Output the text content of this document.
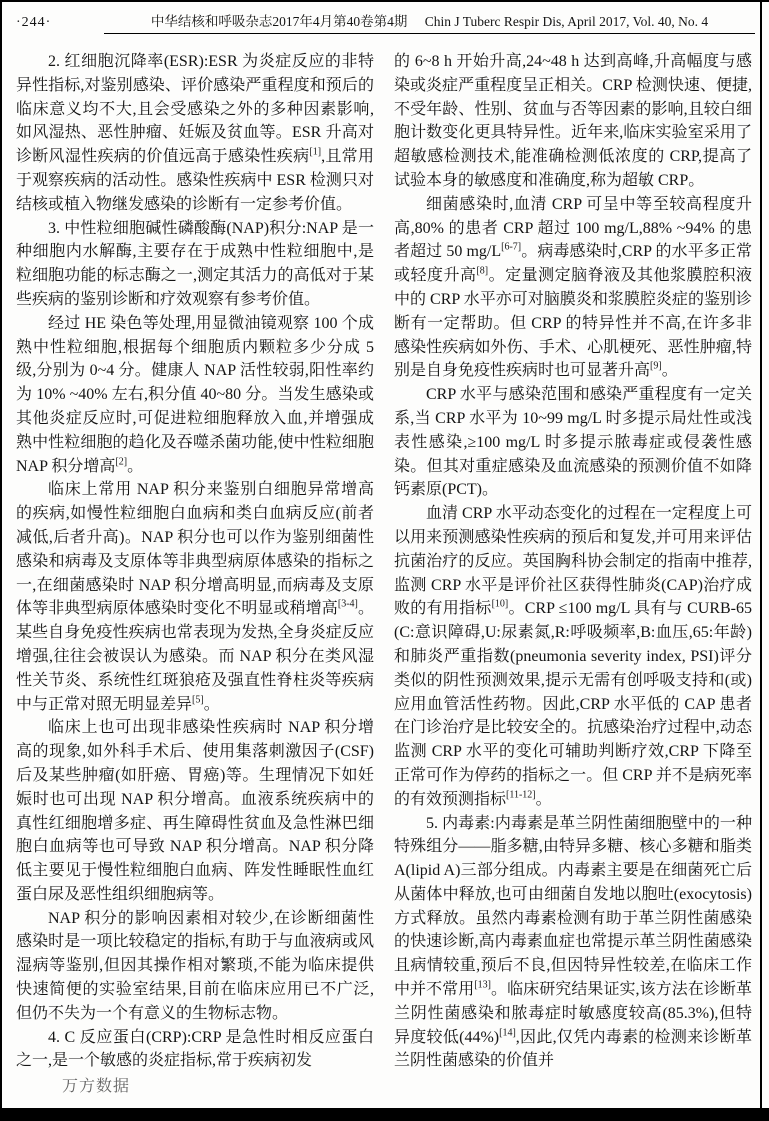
·244·	中华结核和呼吸杂志2017年4月第40卷第4期 Chin J Tuberc Respir Dis, April 2017, Vol. 40, No. 4

2. 红细胞沉降率(ESR):ESR 为炎症反应的非特异性指标,对鉴别感染、评价感染严重程度和预后的临床意义均不大,且会受感染之外的多种因素影响,如风湿热、恶性肿瘤、妊娠及贫血等。ESR 升高对诊断风湿性疾病的价值远高于感染性疾病[1],且常用于观察疾病的活动性。感染性疾病中 ESR 检测只对结核或植入物继发感染的诊断有一定参考价值。

3. 中性粒细胞碱性磷酸酶(NAP)积分:NAP 是一种细胞内水解酶,主要存在于成熟中性粒细胞中,是粒细胞功能的标志酶之一,测定其活力的高低对于某些疾病的鉴别诊断和疗效观察有参考价值。

经过 HE 染色等处理,用显微油镜观察 100 个成熟中性粒细胞,根据每个细胞质内颗粒多少分成 5 级,分别为 0~4 分。健康人 NAP 活性较弱,阳性率约为 10% ~40% 左右,积分值 40~80 分。当发生感染或其他炎症反应时,可促进粒细胞释放入血,并增强成熟中性粒细胞的趋化及吞噬杀菌功能,使中性粒细胞 NAP 积分增高[2]。

临床上常用 NAP 积分来鉴别白细胞异常增高的疾病,如慢性粒细胞白血病和类白血病反应(前者减低,后者升高)。NAP 积分也可以作为鉴别细菌性感染和病毒及支原体等非典型病原体感染的指标之一,在细菌感染时 NAP 积分增高明显,而病毒及支原体等非典型病原体感染时变化不明显或稍增高[3-4]。某些自身免疫性疾病也常表现为发热,全身炎症反应增强,往往会被误认为感染。而 NAP 积分在类风湿性关节炎、系统性红斑狼疮及强直性脊柱炎等疾病中与正常对照无明显差异[5]。

临床上也可出现非感染性疾病时 NAP 积分增高的现象,如外科手术后、使用集落刺激因子(CSF)后及某些肿瘤(如肝癌、胃癌)等。生理情况下如妊娠时也可出现 NAP 积分增高。血液系统疾病中的真性红细胞增多症、再生障碍性贫血及急性淋巴细胞白血病等也可导致 NAP 积分增高。NAP 积分降低主要见于慢性粒细胞白血病、阵发性睡眠性血红蛋白尿及恶性组织细胞病等。

NAP 积分的影响因素相对较少,在诊断细菌性感染时是一项比较稳定的指标,有助于与血液病或风湿病等鉴别,但因其操作相对繁琐,不能为临床提供快速简便的实验室结果,目前在临床应用已不广泛,但仍不失为一个有意义的生物标志物。

4. C 反应蛋白(CRP):CRP 是急性时相反应蛋白之一,是一个敏感的炎症指标,常于疾病初发

的 6~8 h 开始升高,24~48 h 达到高峰,升高幅度与感染或炎症严重程度呈正相关。CRP 检测快速、便捷,不受年龄、性别、贫血与否等因素的影响,且较白细胞计数变化更具特异性。近年来,临床实验室采用了超敏感检测技术,能准确检测低浓度的 CRP,提高了试验本身的敏感度和准确度,称为超敏 CRP。

细菌感染时,血清 CRP 可呈中等至较高程度升高,80% 的患者 CRP 超过 100 mg/L,88% ~94% 的患者超过 50 mg/L[6-7]。病毒感染时,CRP 的水平多正常或轻度升高[8]。定量测定脑脊液及其他浆膜腔积液中的 CRP 水平亦可对脑膜炎和浆膜腔炎症的鉴别诊断有一定帮助。但 CRP 的特异性并不高,在许多非感染性疾病如外伤、手术、心肌梗死、恶性肿瘤,特别是自身免疫性疾病时也可显著升高[9]。

CRP 水平与感染范围和感染严重程度有一定关系,当 CRP 水平为 10~99 mg/L 时多提示局灶性或浅表性感染,≥100 mg/L 时多提示脓毒症或侵袭性感染。但其对重症感染及血流感染的预测价值不如降钙素原(PCT)。

血清 CRP 水平动态变化的过程在一定程度上可以用来预测感染性疾病的预后和复发,并可用来评估抗菌治疗的反应。英国胸科协会制定的指南中推荐,监测 CRP 水平是评价社区获得性肺炎(CAP)治疗成败的有用指标[10]。CRP ≤100 mg/L 具有与 CURB-65(C:意识障碍,U:尿素氮,R:呼吸频率,B:血压,65:年龄)和肺炎严重指数(pneumonia severity index, PSI)评分类似的阴性预测效果,提示无需有创呼吸支持和(或)应用血管活性药物。因此,CRP 水平低的 CAP 患者在门诊治疗是比较安全的。抗感染治疗过程中,动态监测 CRP 水平的变化可辅助判断疗效,CRP 下降至正常可作为停药的指标之一。但 CRP 并不是病死率的有效预测指标[11-12]。

5. 内毒素:内毒素是革兰阴性菌细胞壁中的一种特殊组分——脂多糖,由特异多糖、核心多糖和脂类 A(lipid A)三部分组成。内毒素主要是在细菌死亡后从菌体中释放,也可由细菌自发地以胞吐(exocytosis)方式释放。虽然内毒素检测有助于革兰阴性菌感染的快速诊断,高内毒素血症也常提示革兰阴性菌感染且病情较重,预后不良,但因特异性较差,在临床工作中并不常用[13]。临床研究结果证实,该方法在诊断革兰阴性菌感染和脓毒症时敏感度较高(85.3%),但特异度较低(44%)[14],因此,仅凭内毒素的检测来诊断革兰阴性菌感染的价值并

万方数据
